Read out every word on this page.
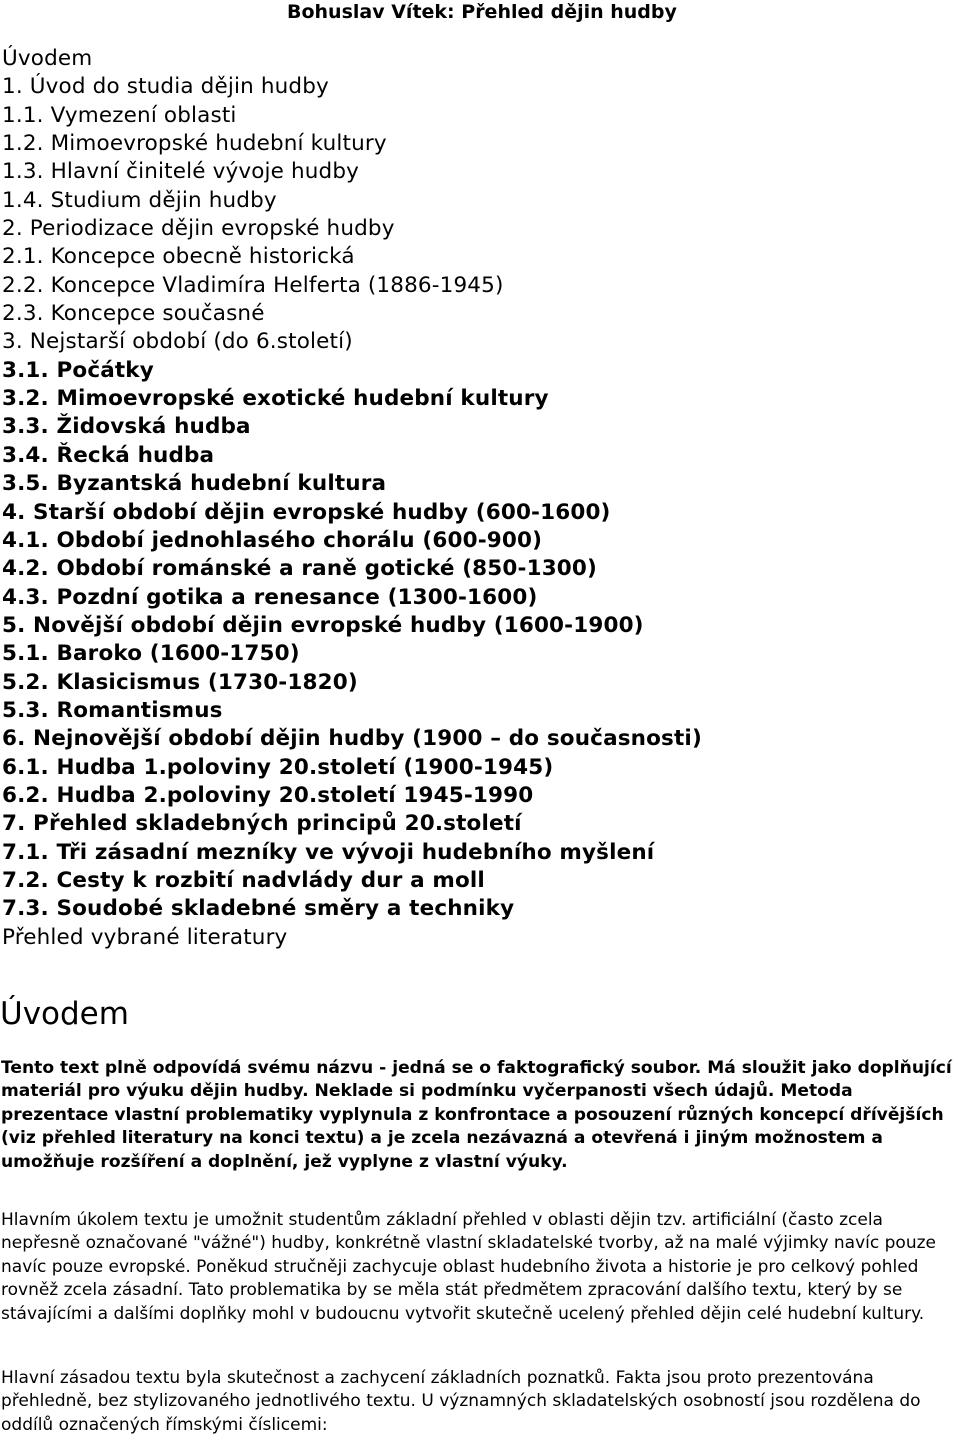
Bohuslav Vítek: Přehled dějin hudby
Úvodem
1. Úvod do studia dějin hudby
1.1. Vymezení oblasti
1.2. Mimoevropské hudební kultury
1.3. Hlavní činitelé vývoje hudby
1.4. Studium dějin hudby
2. Periodizace dějin evropské hudby
2.1. Koncepce obecně historická
2.2. Koncepce Vladimíra Helferta (1886-1945)
2.3. Koncepce současné
3. Nejstarší období (do 6.století)
3.1. Počátky
3.2. Mimoevropské exotické hudební kultury
3.3. Židovská hudba
3.4. Řecká hudba
3.5. Byzantská hudební kultura
4. Starší období dějin evropské hudby (600-1600)
4.1. Období jednohlasého chorálu (600-900)
4.2. Období románské a raně gotické (850-1300)
4.3. Pozdní gotika a renesance (1300-1600)
5. Novější období dějin evropské hudby (1600-1900)
5.1. Baroko (1600-1750)
5.2. Klasicismus (1730-1820)
5.3. Romantismus
6. Nejnovější období dějin hudby (1900 – do současnosti)
6.1. Hudba 1.poloviny 20.století (1900-1945)
6.2. Hudba 2.poloviny 20.století 1945-1990
7. Přehled skladebných principů 20.století
7.1. Tři zásadní mezníky ve vývoji hudebního myšlení
7.2. Cesty k rozbití nadvlády dur a moll
7.3. Soudobé skladebné směry a techniky
Přehled vybrané literatury
Úvodem

Tento text plně odpovídá svému názvu - jedná se o faktografický soubor. Má sloužit jako doplňující materiál pro výuku dějin hudby. Neklade si podmínku vyčerpanosti všech údajů. Metoda prezentace vlastní problematiky vyplynula z konfrontace a posouzení různých koncepcí dřívějších (viz přehled literatury na konci textu) a je zcela nezávazná a otevřená i jiným možnostem a umožňuje rozšíření a doplnění, jež vyplyne z vlastní výuky.

Hlavním úkolem textu je umožnit studentům základní přehled v oblasti dějin tzv. artificiální (často zcela nepřesně označované "vážné") hudby, konkrétně vlastní skladatelské tvorby, až na malé výjimky navíc pouze navíc pouze evropské. Poněkud stručněji zachycuje oblast hudebního života a historie je pro celkový pohled rovněž zcela zásadní. Tato problematika by se měla stát předmětem zpracování dalšího textu, který by se stávajícími a dalšími doplňky mohl v budoucnu vytvořit skutečně ucelený přehled dějin celé hudební kultury.

Hlavní zásadou textu byla skutečnost a zachycení základních poznatků. Fakta jsou proto prezentována přehledně, bez stylizovaného jednotlivého textu. U významných skladatelských osobností jsou rozdělena do oddílů označených římskými číslicemi:
